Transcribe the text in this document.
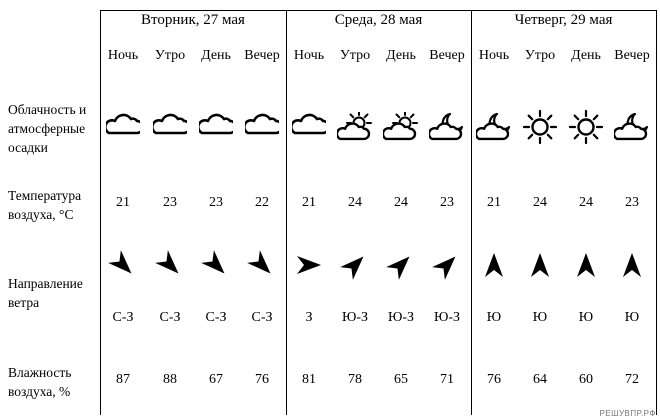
Облачность и
атмосферные
осадки
Температура
воздуха, °С
Направление
ветра
Влажность
воздуха, %
Вторник, 27 мая
Ночь
21
С-З
87
Утро
23
С-З
88
День
23
С-З
67
Вечер
22
С-З
76
Среда, 28 мая
Ночь
21
З
81
Утро
24
Ю-З
78
День
24
Ю-З
65
Вечер
23
Ю-З
71
Четверг, 29 мая
Ночь
21
Ю
76
Утро
24
Ю
64
День
24
Ю
60
Вечер
23
Ю
72
РЕШУВПР.РФ
